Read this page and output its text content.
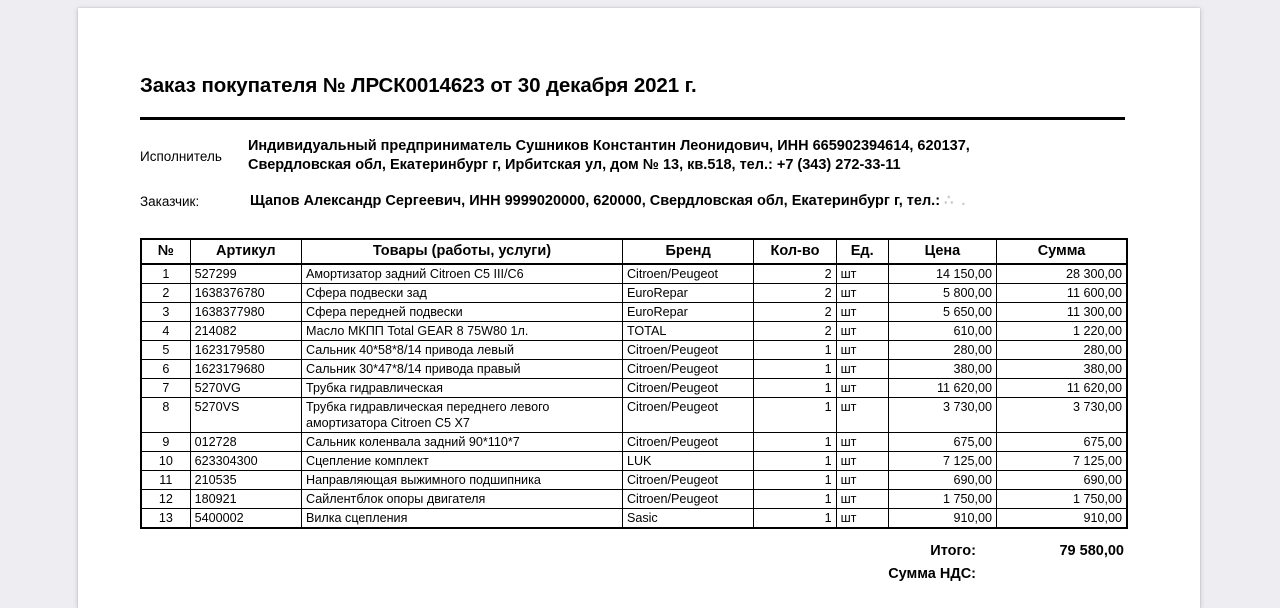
Заказ покупателя № ЛРСК0014623 от 30 декабря 2021 г.
Исполнитель
Индивидуальный предприниматель Сушников Константин Леонидович, ИНН 665902394614, 620137,
Свердловская обл, Екатеринбург г, Ирбитская ул, дом № 13, кв.518, тел.: +7 (343) 272-33-11
Заказчик:	Щапов Александр Сергеевич, ИНН 9999020000, 620000, Свердловская обл, Екатеринбург г, тел.: ∴ .
№	Артикул	Товары (работы, услуги)	Бренд	Кол-во	Ед.	Цена	Сумма
1	527299	Амортизатор задний Citroen C5 III/C6	Citroen/Peugeot	2	шт	14 150,00	28 300,00
2	1638376780	Сфера подвески зад	EuroRepar	2	шт	5 800,00	11 600,00
3	1638377980	Сфера передней подвески	EuroRepar	2	шт	5 650,00	11 300,00
4	214082	Масло МКПП Total GEAR 8 75W80 1л.	TOTAL	2	шт	610,00	1 220,00
5	1623179580	Сальник 40*58*8/14 привода левый	Citroen/Peugeot	1	шт	280,00	280,00
6	1623179680	Сальник 30*47*8/14 привода правый	Citroen/Peugeot	1	шт	380,00	380,00
7	5270VG	Трубка гидравлическая	Citroen/Peugeot	1	шт	11 620,00	11 620,00
8	5270VS	Трубка гидравлическая переднего левого амортизатора Citroen C5 X7	Citroen/Peugeot	1	шт	3 730,00	3 730,00
9	012728	Сальник коленвала задний 90*110*7	Citroen/Peugeot	1	шт	675,00	675,00
10	623304300	Сцепление комплект	LUK	1	шт	7 125,00	7 125,00
11	210535	Направляющая выжимного подшипника	Citroen/Peugeot	1	шт	690,00	690,00
12	180921	Сайлентблок опоры двигателя	Citroen/Peugeot	1	шт	1 750,00	1 750,00
13	5400002	Вилка сцепления	Sasic	1	шт	910,00	910,00
Итого:	79 580,00
Сумма НДС:
